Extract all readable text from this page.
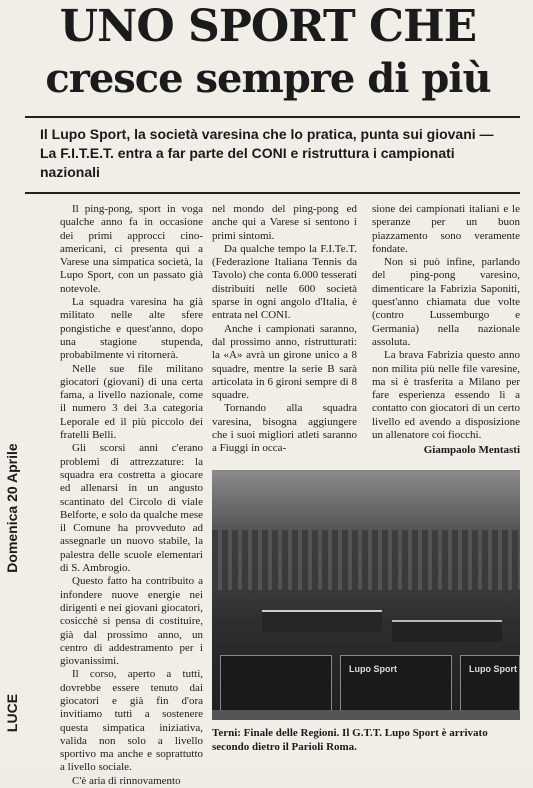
UNO SPORT CHE
cresce sempre di più
Il Lupo Sport, la società varesina che lo pratica, punta sui giovani — La F.I.T.E.T. entra a far parte del CONI e ristruttura i campionati nazionali
Domenica 20 Aprile
LUCE

Il ping-pong, sport in voga qualche anno fa in occasione dei primi approcci cino-americani, ci presenta qui a Varese una simpatica società, la Lupo Sport, con un passato già notevole.

La squadra varesina ha già militato nelle alte sfere pongistiche e quest'anno, dopo una stagione stupenda, probabilmente vi ritornerà.

Nelle sue file militano giocatori (giovani) di una certa fama, a livello nazionale, come il numero 3 dei 3.a categoria Leporale ed il più piccolo dei fratelli Belli.

Gli scorsi anni c'erano problemi di attrezzature: la squadra era costretta a giocare ed allenarsi in un angusto scantinato del Circolo di viale Belforte, e solo da qualche mese il Comune ha provveduto ad assegnarle un nuovo stabile, la palestra delle scuole elementari di S. Ambrogio.

Questo fatto ha contribuito a infondere nuove energie nei dirigenti e nei giovani giocatori, cosicchè si pensa di costituire, già dal prossimo anno, un centro di addestramento per i giovanissimi.

Il corso, aperto a tutti, dovrebbe essere tenuto dai giocatori e già fin d'ora invitiamo tutti a sostenere questa simpatica iniziativa, valida non solo a livello sportivo ma anche e soprattutto a livello sociale.

C'è aria di rinnovamento

nel mondo del ping-pong ed anche qui a Varese si sentono i primi sintomi.

Da qualche tempo la F.I.Te.T. (Federazione Italiana Tennis da Tavolo) che conta 6.000 tesserati distribuiti nelle 600 società sparse in ogni angolo d'Italia, è entrata nel CONI.

Anche i campionati saranno, dal prossimo anno, ristrutturati: la «A» avrà un girone unico a 8 squadre, mentre la serie B sarà articolata in 6 gironi sempre di 8 squadre.

Tornando alla squadra varesina, bisogna aggiungere che i suoi migliori atleti saranno a Fiuggi in occa-

sione dei campionati italiani e le speranze per un buon piazzamento sono veramente fondate.

Non si può infine, parlando del ping-pong varesino, dimenticare la Fabrizia Saponiti, quest'anno chiamata due volte (contro Lussemburgo e Germania) nella nazionale assoluta.

La brava Fabrizia questo anno non milita più nelle file varesine, ma si è trasferita a Milano per fare esperienza essendo lì a contatto con giocatori di un certo livello ed avendo a disposizione un allenatore coi fiocchi.

Giampaolo Mentasti

Lupo Sport	Lupo Sport
Terni: Finale delle Regioni. Il G.T.T. Lupo Sport è arrivato secondo dietro il Parioli Roma.
